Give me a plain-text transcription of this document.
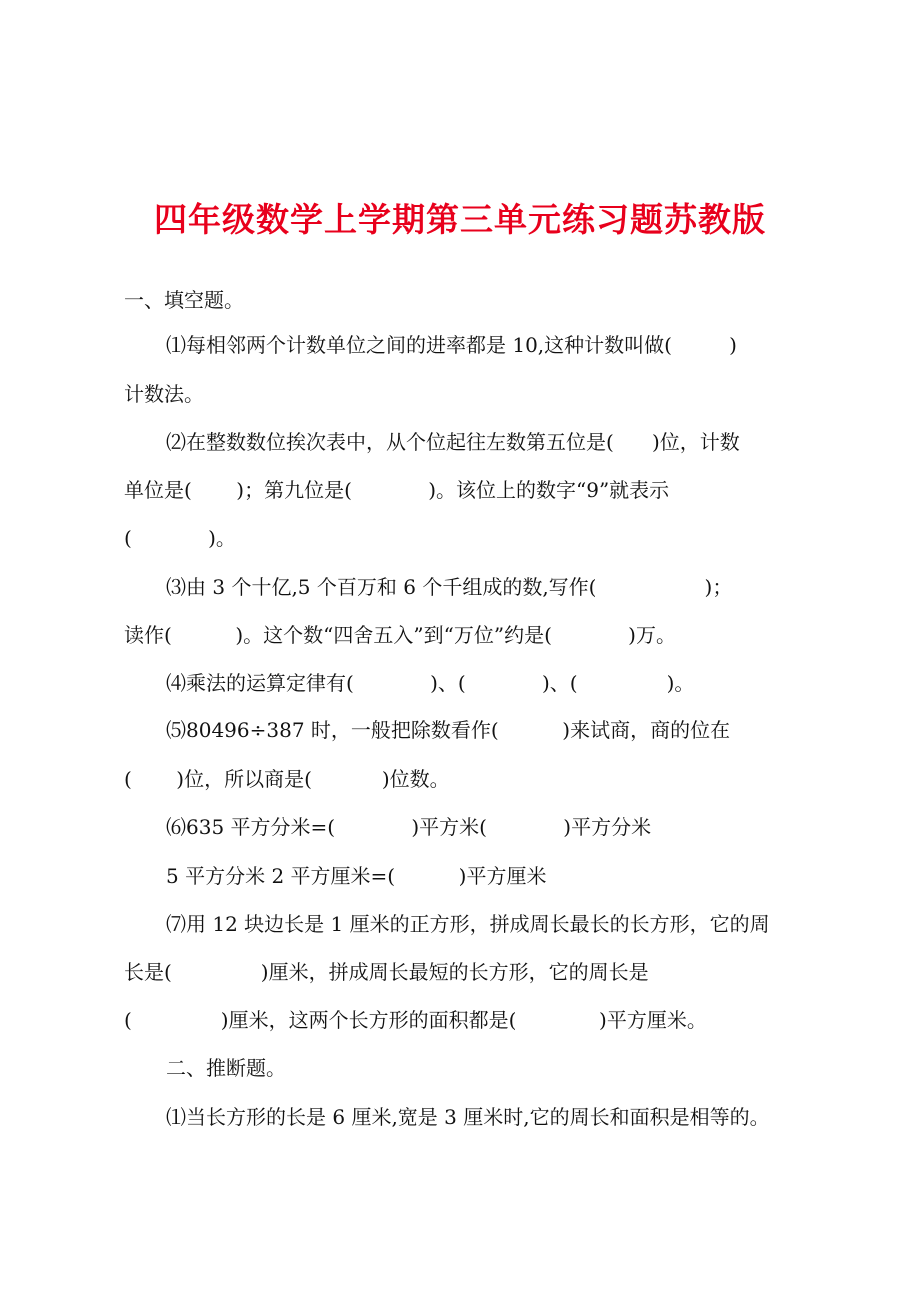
四年级数学上学期第三单元练习题苏教版
一、填空题。
⑴每相邻两个计数单位之间的进率都是 10,这种计数叫做(         )
计数法。
⑵在整数数位挨次表中，从个位起往左数第五位是(      )位，计数
单位是(       )；第九位是(            )。该位上的数字“9”就表示
(            )。
⑶由 3 个十亿,5 个百万和 6 个千组成的数,写作(                 )；
读作(          )。这个数“四舍五入”到“万位”约是(            )万。
⑷乘法的运算定律有(            )、(            )、(              )。
⑸80496÷387 时，一般把除数看作(          )来试商，商的位在
(       )位，所以商是(           )位数。
⑹635 平方分米=(            )平方米(            )平方分米
5 平方分米 2 平方厘米=(          )平方厘米
⑺用 12 块边长是 1 厘米的正方形，拼成周长最长的长方形，它的周
长是(              )厘米，拼成周长最短的长方形，它的周长是
(              )厘米，这两个长方形的面积都是(             )平方厘米。
二、推断题。
⑴当长方形的长是 6 厘米,宽是 3 厘米时,它的周长和面积是相等的。
